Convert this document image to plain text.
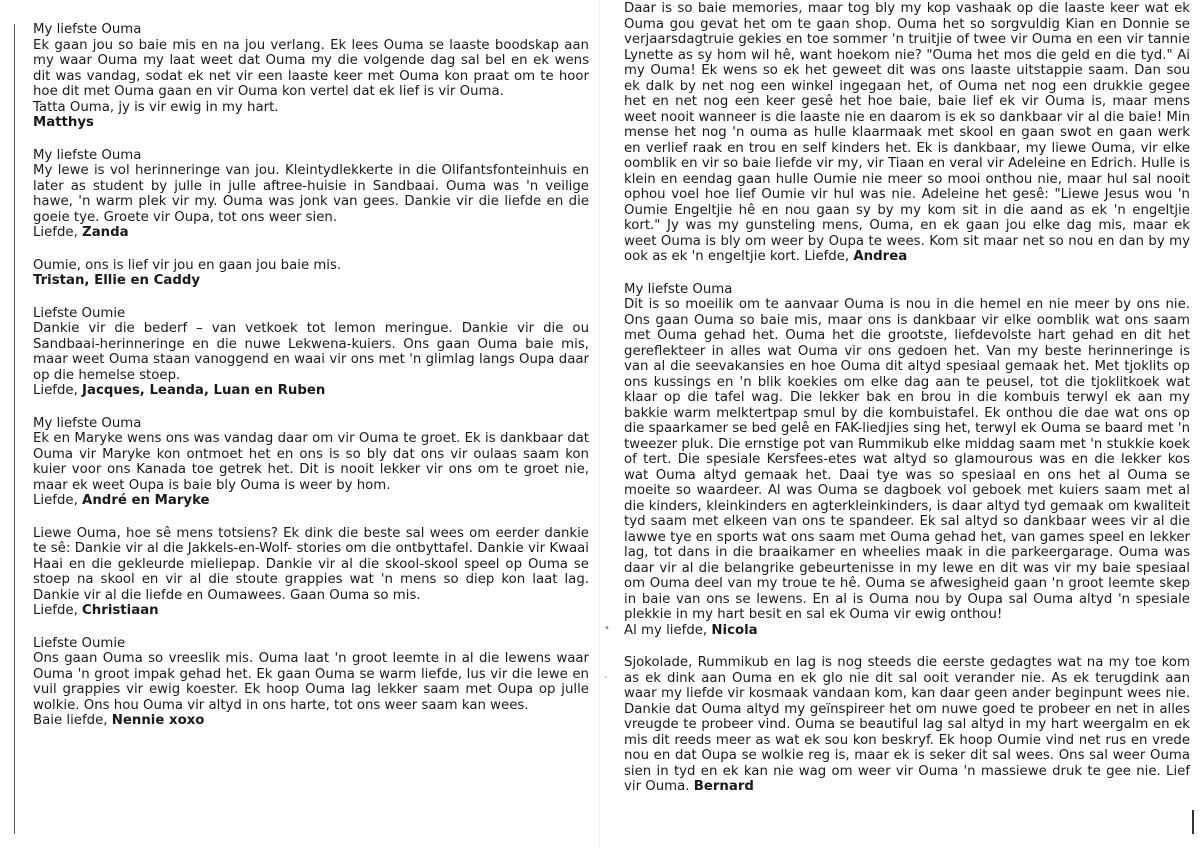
•
‑

My liefste Ouma

Ek gaan jou so baie mis en na jou verlang. Ek lees Ouma se laaste boodskap aan my waar Ouma my laat weet dat Ouma my die volgende dag sal bel en ek wens dit was vandag, sodat ek net vir een laaste keer met Ouma kon praat om te hoor hoe dit met Ouma gaan en vir Ouma kon vertel dat ek lief is vir Ouma.

Tatta Ouma, jy is vir ewig in my hart.

Matthys

My liefste Ouma

My lewe is vol herinneringe van jou. Kleintydlekkerte in die Olifantsfonteinhuis en later as student by julle in julle aftree-huisie in Sandbaai. Ouma was 'n veilige hawe, 'n warm plek vir my. Ouma was jonk van gees. Dankie vir die liefde en die goeie tye. Groete vir Oupa, tot ons weer sien.

Liefde, Zanda

Oumie, ons is lief vir jou en gaan jou baie mis.

Tristan, Ellie en Caddy

Liefste Oumie

Dankie vir die bederf – van vetkoek tot lemon meringue. Dankie vir die ou Sandbaai-herinneringe en die nuwe Lekwena-kuiers. Ons gaan Ouma baie mis, maar weet Ouma staan vanoggend en waai vir ons met 'n glimlag langs Oupa daar op die hemelse stoep.

Liefde, Jacques, Leanda, Luan en Ruben

My liefste Ouma

Ek en Maryke wens ons was vandag daar om vir Ouma te groet. Ek is dankbaar dat Ouma vir Maryke kon ontmoet het en ons is so bly dat ons vir oulaas saam kon kuier voor ons Kanada toe getrek het. Dit is nooit lekker vir ons om te groet nie, maar ek weet Oupa is baie bly Ouma is weer by hom.

Liefde, André en Maryke

Liewe Ouma, hoe sê mens totsiens? Ek dink die beste sal wees om eerder dankie te sê: Dankie vir al die Jakkels-en-Wolf- stories om die ontbyttafel. Dankie vir Kwaai Haai en die gekleurde mieliepap. Dankie vir al die skool-skool speel op Ouma se stoep na skool en vir al die stoute grappies wat 'n mens so diep kon laat lag. Dankie vir al die liefde en Oumawees. Gaan Ouma so mis.

Liefde, Christiaan

Liefste Oumie

Ons gaan Ouma so vreeslik mis. Ouma laat 'n groot leemte in al die lewens waar Ouma 'n groot impak gehad het. Ek gaan Ouma se warm liefde, lus vir die lewe en vuil grappies vir ewig koester. Ek hoop Ouma lag lekker saam met Oupa op julle wolkie. Ons hou Ouma vir altyd in ons harte, tot ons weer saam kan wees.

Baie liefde, Nennie xoxo

Daar is so baie memories, maar tog bly my kop vashaak op die laaste keer wat ek Ouma gou gevat het om te gaan shop. Ouma het so sorgvuldig Kian en Donnie se verjaarsdagtruie gekies en toe sommer 'n truitjie of twee vir Ouma en een vir tannie Lynette as sy hom wil hê, want hoekom nie? "Ouma het mos die geld en die tyd." Ai my Ouma! Ek wens so ek het geweet dit was ons laaste uitstappie saam. Dan sou ek dalk by net nog een winkel ingegaan het, of Ouma net nog een drukkie gegee het en net nog een keer gesê het hoe baie, baie lief ek vir Ouma is, maar mens weet nooit wanneer is die laaste nie en daarom is ek so dankbaar vir al die baie! Min mense het nog 'n ouma as hulle klaarmaak met skool en gaan swot en gaan werk en verlief raak en trou en self kinders het. Ek is dankbaar, my liewe Ouma, vir elke oomblik en vir so baie liefde vir my, vir Tiaan en veral vir Adeleine en Edrich. Hulle is klein en eendag gaan hulle Oumie nie meer so mooi onthou nie, maar hul sal nooit ophou voel hoe lief Oumie vir hul was nie. Adeleine het gesê: "Liewe Jesus wou 'n Oumie Engeltjie hê en nou gaan sy by my kom sit in die aand as ek 'n engeltjie kort." Jy was my gunsteling mens, Ouma, en ek gaan jou elke dag mis, maar ek weet Ouma is bly om weer by Oupa te wees. Kom sit maar net so nou en dan by my ook as ek 'n engeltjie kort. Liefde, Andrea

My liefste Ouma

Dit is so moeilik om te aanvaar Ouma is nou in die hemel en nie meer by ons nie. Ons gaan Ouma so baie mis, maar ons is dankbaar vir elke oomblik wat ons saam met Ouma gehad het. Ouma het die grootste, liefdevolste hart gehad en dit het gereflekteer in alles wat Ouma vir ons gedoen het. Van my beste herinneringe is van al die seevakansies en hoe Ouma dit altyd spesiaal gemaak het. Met tjoklits op ons kussings en 'n blik koekies om elke dag aan te peusel, tot die tjoklitkoek wat klaar op die tafel wag. Die lekker bak en brou in die kombuis terwyl ek aan my bakkie warm melktertpap smul by die kombuistafel. Ek onthou die dae wat ons op die spaarkamer se bed gelê en FAK-liedjies sing het, terwyl ek Ouma se baard met 'n tweezer pluk. Die ernstige pot van Rummikub elke middag saam met 'n stukkie koek of tert. Die spesiale Kersfees-etes wat altyd so glamourous was en die lekker kos wat Ouma altyd gemaak het. Daai tye was so spesiaal en ons het al Ouma se moeite so waardeer. Al was Ouma se dagboek vol geboek met kuiers saam met al die kinders, kleinkinders en agterkleinkinders, is daar altyd tyd gemaak om kwaliteit tyd saam met elkeen van ons te spandeer. Ek sal altyd so dankbaar wees vir al die lawwe tye en sports wat ons saam met Ouma gehad het, van games speel en lekker lag, tot dans in die braaikamer en wheelies maak in die parkeergarage. Ouma was daar vir al die belangrike gebeurtenisse in my lewe en dit was vir my baie spesiaal om Ouma deel van my troue te hê. Ouma se afwesigheid gaan 'n groot leemte skep in baie van ons se lewens. En al is Ouma nou by Oupa sal Ouma altyd 'n spesiale plekkie in my hart besit en sal ek Ouma vir ewig onthou!

Al my liefde, Nicola

Sjokolade, Rummikub en lag is nog steeds die eerste gedagtes wat na my toe kom as ek dink aan Ouma en ek glo nie dit sal ooit verander nie. As ek terugdink aan waar my liefde vir kosmaak vandaan kom, kan daar geen ander beginpunt wees nie. Dankie dat Ouma altyd my geïnspireer het om nuwe goed te probeer en net in alles vreugde te probeer vind. Ouma se beautiful lag sal altyd in my hart weergalm en ek mis dit reeds meer as wat ek sou kon beskryf. Ek hoop Oumie vind net rus en vrede nou en dat Oupa se wolkie reg is, maar ek is seker dit sal wees. Ons sal weer Ouma sien in tyd en ek kan nie wag om weer vir Ouma 'n massiewe druk te gee nie. Lief vir Ouma. Bernard
